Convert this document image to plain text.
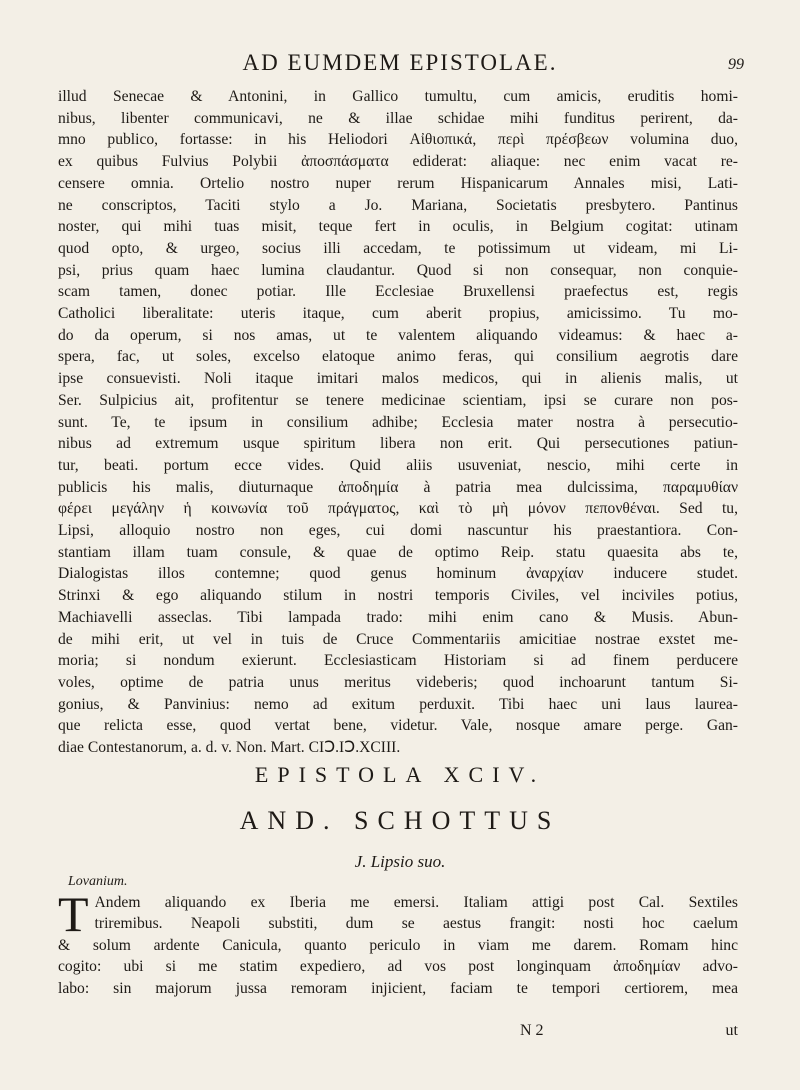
AD EUMDEM EPISTOLAE.	99
illud Senecae & Antonini, in Gallico tumultu, cum amicis, eruditis homi-
nibus, libenter communicavi, ne & illae schidae mihi funditus perirent, da-
mno publico, fortasse: in his Heliodori Αἰθιοπικά, περὶ πρέσβεων volumina duo,
ex quibus Fulvius Polybii ἀποσπάσματα ediderat: aliaque: nec enim vacat re-
censere omnia. Ortelio nostro nuper rerum Hispanicarum Annales misi, Lati-
ne conscriptos, Taciti stylo a Jo. Mariana, Societatis presbytero. Pantinus
noster, qui mihi tuas misit, teque fert in oculis, in Belgium cogitat: utinam
quod opto, & urgeo, socius illi accedam, te potissimum ut videam, mi Li-
psi, prius quam haec lumina claudantur. Quod si non consequar, non conquie-
scam tamen, donec potiar. Ille Ecclesiae Bruxellensi praefectus est, regis
Catholici liberalitate: uteris itaque, cum aberit propius, amicissimo. Tu mo-
do da operum, si nos amas, ut te valentem aliquando videamus: & haec a-
spera, fac, ut soles, excelso elatoque animo feras, qui consilium aegrotis dare
ipse consuevisti. Noli itaque imitari malos medicos, qui in alienis malis, ut
Ser. Sulpicius ait, profitentur se tenere medicinae scientiam, ipsi se curare non pos-
sunt. Te, te ipsum in consilium adhibe; Ecclesia mater nostra à persecutio-
nibus ad extremum usque spiritum libera non erit. Qui persecutiones patiun-
tur, beati. portum ecce vides. Quid aliis usuveniat, nescio, mihi certe in
publicis his malis, diuturnaque ἀποδημία à patria mea dulcissima, παραμυθίαν
φέρει μεγάλην ἡ κοινωνία τοῦ πράγματος, καὶ τὸ μὴ μόνον πεπονθέναι. Sed tu,
Lipsi, alloquio nostro non eges, cui domi nascuntur his praestantiora. Con-
stantiam illam tuam consule, & quae de optimo Reip. statu quaesita abs te,
Dialogistas illos contemne; quod genus hominum ἀναρχίαν inducere studet.
Strinxi & ego aliquando stilum in nostri temporis Civiles, vel inciviles potius,
Machiavelli asseclas. Tibi lampada trado: mihi enim cano & Musis. Abun-
de mihi erit, ut vel in tuis de Cruce Commentariis amicitiae nostrae exstet me-
moria; si nondum exierunt. Ecclesiasticam Historiam si ad finem perducere
voles, optime de patria unus meritus videberis; quod inchoarunt tantum Si-
gonius, & Panvinius: nemo ad exitum perduxit. Tibi haec uni laus laurea-
que relicta esse, quod vertat bene, videtur. Vale, nosque amare perge. Gan-
diae Contestanorum, a. d. v. Non. Mart. CIↃ.IↃ.XCIII.
EPISTOLA XCIV.
AND. SCHOTTUS
J. Lipsio suo.
Lovanium.
T Andem aliquando ex Iberia me emersi. Italiam attigi post Cal. Sextiles
triremibus. Neapoli substiti, dum se aestus frangit: nosti hoc caelum
& solum ardente Canicula, quanto periculo in viam me darem. Romam hinc
cogito: ubi si me statim expediero, ad vos post longinquam ἀποδημίαν advo-
labo: sin majorum jussa remoram injicient, faciam te tempori certiorem, mea
N 2	ut
